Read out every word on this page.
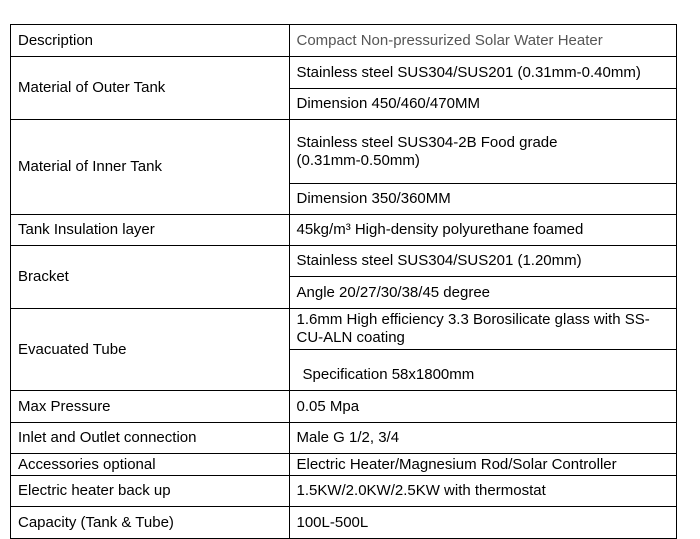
Description	Compact Non-pressurized Solar Water Heater
Material of Outer Tank	Stainless steel SUS304/SUS201 (0.31mm-0.40mm)
	Dimension 450/460/470MM
Material of Inner Tank	Stainless steel SUS304-2B Food grade
(0.31mm-0.50mm)
	Dimension 350/360MM
Tank Insulation layer	45kg/m³ High-density polyurethane foamed
Bracket	Stainless steel SUS304/SUS201 (1.20mm)
	Angle 20/27/30/38/45 degree
Evacuated Tube	1.6mm High efficiency 3.3 Borosilicate glass with SS-CU-ALN coating
	Specification 58x1800mm
Max Pressure	0.05 Mpa
Inlet and Outlet connection	Male G 1/2, 3/4
Accessories optional	Electric Heater/Magnesium Rod/Solar Controller
Electric heater back up	1.5KW/2.0KW/2.5KW with thermostat
Capacity (Tank & Tube)	100L-500L
